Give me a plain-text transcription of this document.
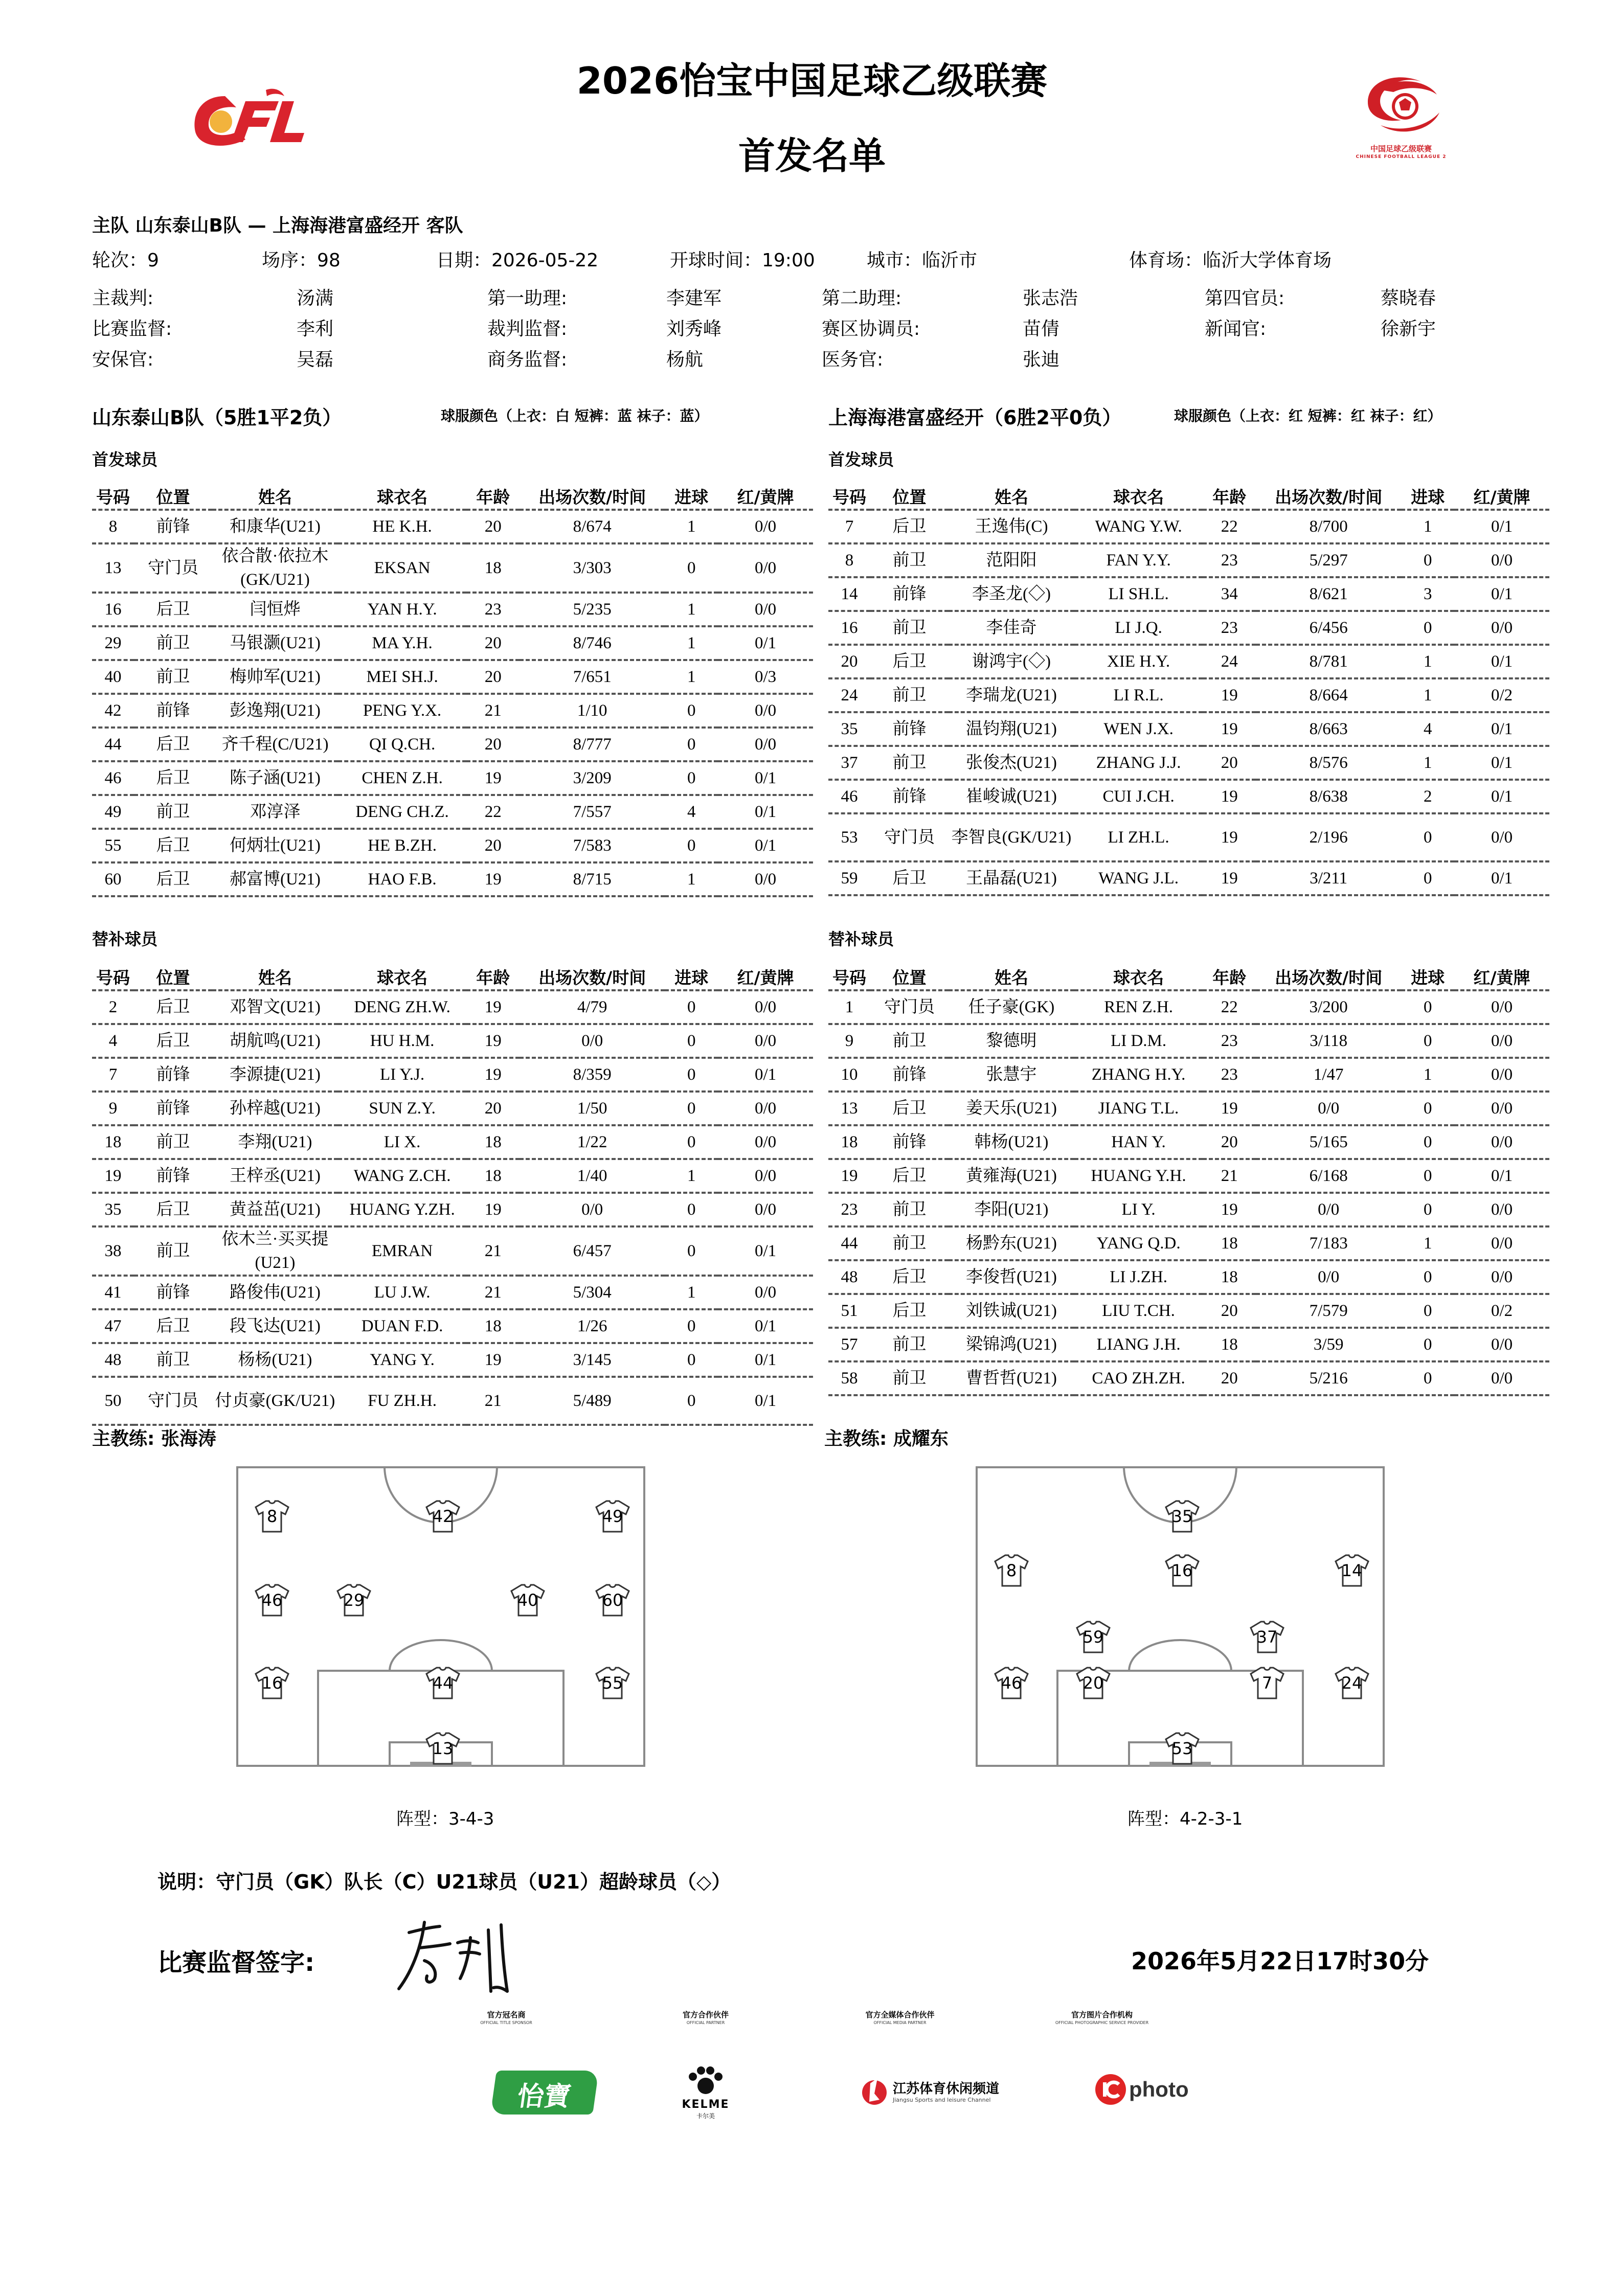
2026怡宝中国足球乙级联赛
首发名单	中国足球乙级联赛
CHINESE FOOTBALL LEAGUE 2
主队 山东泰山B队 — 上海海港富盛经开 客队
轮次：9	场序：98	日期：2026-05-22	开球时间：19:00	城市：临沂市	体育场：临沂大学体育场
主裁判:	汤满	第一助理:	李建军	第二助理:	张志浩	第四官员:	蔡晓春
比赛监督:	李利	裁判监督:	刘秀峰	赛区协调员:	苗倩	新闻官:	徐新宇
安保官:	吴磊	商务监督:	杨航	医务官:	张迪
山东泰山B队（5胜1平2负）	球服颜色（上衣：白 短裤：蓝 袜子：蓝）	上海海港富盛经开（6胜2平0负）	球服颜色（上衣：红 短裤：红 袜子：红）
首发球员	首发球员
号码	位置	姓名	球衣名	年龄	出场次数/时间	进球	红/黄牌
8	前锋	和康华(U21)	HE K.H.	20	8/674	1	0/0
13	守门员	依合散·依拉木(GK/U21)	EKSAN	18	3/303	0	0/0
16	后卫	闫恒烨	YAN H.Y.	23	5/235	1	0/0
29	前卫	马银灏(U21)	MA Y.H.	20	8/746	1	0/1
40	前卫	梅帅军(U21)	MEI SH.J.	20	7/651	1	0/3
42	前锋	彭逸翔(U21)	PENG Y.X.	21	1/10	0	0/0
44	后卫	齐千程(C/U21)	QI Q.CH.	20	8/777	0	0/0
46	后卫	陈子涵(U21)	CHEN Z.H.	19	3/209	0	0/1
49	前卫	邓淳泽	DENG CH.Z.	22	7/557	4	0/1
55	后卫	何炳壮(U21)	HE B.ZH.	20	7/583	0	0/1
60	后卫	郝富博(U21)	HAO F.B.	19	8/715	1	0/0
号码	位置	姓名	球衣名	年龄	出场次数/时间	进球	红/黄牌
7	后卫	王逸伟(C)	WANG Y.W.	22	8/700	1	0/1
8	前卫	范阳阳	FAN Y.Y.	23	5/297	0	0/0
14	前锋	李圣龙(◇)	LI SH.L.	34	8/621	3	0/1
16	前卫	李佳奇	LI J.Q.	23	6/456	0	0/0
20	后卫	谢鸿宇(◇)	XIE H.Y.	24	8/781	1	0/1
24	前卫	李瑞龙(U21)	LI R.L.	19	8/664	1	0/2
35	前锋	温钧翔(U21)	WEN J.X.	19	8/663	4	0/1
37	前卫	张俊杰(U21)	ZHANG J.J.	20	8/576	1	0/1
46	前锋	崔峻诚(U21)	CUI J.CH.	19	8/638	2	0/1
53	守门员	李智良(GK/U21)	LI ZH.L.	19	2/196	0	0/0
59	后卫	王晶磊(U21)	WANG J.L.	19	3/211	0	0/1
替补球员	替补球员
号码	位置	姓名	球衣名	年龄	出场次数/时间	进球	红/黄牌
2	后卫	邓智文(U21)	DENG ZH.W.	19	4/79	0	0/0
4	后卫	胡航鸣(U21)	HU H.M.	19	0/0	0	0/0
7	前锋	李源捷(U21)	LI Y.J.	19	8/359	0	0/1
9	前锋	孙梓越(U21)	SUN Z.Y.	20	1/50	0	0/0
18	前卫	李翔(U21)	LI X.	18	1/22	0	0/0
19	前锋	王梓丞(U21)	WANG Z.CH.	18	1/40	1	0/0
35	后卫	黄益茁(U21)	HUANG Y.ZH.	19	0/0	0	0/0
38	前卫	依木兰·买买提(U21)	EMRAN	21	6/457	0	0/1
41	前锋	路俊伟(U21)	LU J.W.	21	5/304	1	0/0
47	后卫	段飞达(U21)	DUAN F.D.	18	1/26	0	0/1
48	前卫	杨杨(U21)	YANG Y.	19	3/145	0	0/1
50	守门员	付贞豪(GK/U21)	FU ZH.H.	21	5/489	0	0/1
号码	位置	姓名	球衣名	年龄	出场次数/时间	进球	红/黄牌
1	守门员	任子豪(GK)	REN Z.H.	22	3/200	0	0/0
9	前卫	黎德明	LI D.M.	23	3/118	0	0/0
10	前锋	张慧宇	ZHANG H.Y.	23	1/47	1	0/0
13	后卫	姜天乐(U21)	JIANG T.L.	19	0/0	0	0/0
18	前锋	韩杨(U21)	HAN Y.	20	5/165	0	0/0
19	后卫	黄雍海(U21)	HUANG Y.H.	21	6/168	0	0/1
23	前卫	李阳(U21)	LI Y.	19	0/0	0	0/0
44	前卫	杨黔东(U21)	YANG Q.D.	18	7/183	1	0/0
48	后卫	李俊哲(U21)	LI J.ZH.	18	0/0	0	0/0
51	后卫	刘铁诚(U21)	LIU T.CH.	20	7/579	0	0/2
57	前卫	梁锦鸿(U21)	LIANG J.H.	18	3/59	0	0/0
58	前卫	曹哲哲(U21)	CAO ZH.ZH.	20	5/216	0	0/0
主教练: 张海涛	主教练: 成耀东
8	42	49
46	29	40	60
16	44	55
13
35
8	16	14
59	37
46	20	7	24
53
阵型：3-4-3	阵型：4-2-3-1
说明：守门员（GK）队长（C）U21球员（U21）超龄球员（◇）
比赛监督签字:	2026年5月22日17时30分
官方冠名商
OFFICIAL TITLE SPONSOR
官方合作伙伴
OFFICIAL PARTNER
官方全媒体合作伙伴
OFFICIAL MEDIA PARTNER
官方图片合作机构
OFFICIAL PHOTOGRAPHIC SERVICE PROVIDER
怡寶	KELME
卡尔美
江苏体育休闲频道
Jiangsu Sports and leisure Channel	photo
